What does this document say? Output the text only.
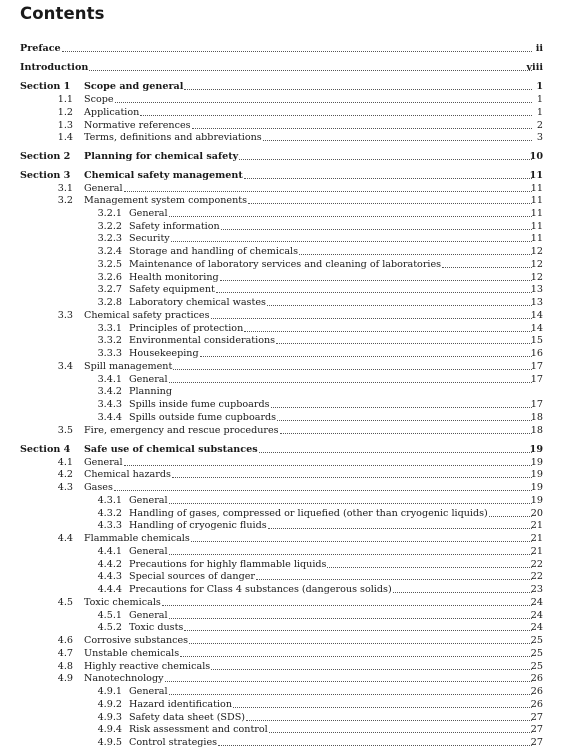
Contents
Preface	ii
Introduction	viii
Section 1 Scope and general	1
1.1 Scope	1
1.2 Application	1
1.3 Normative references	2
1.4 Terms, definitions and abbreviations	3
Section 2 Planning for chemical safety	10
Section 3 Chemical safety management	11
3.1 General	11
3.2 Management system components	11
3.2.1 General	11
3.2.2 Safety information	11
3.2.3 Security	11
3.2.4 Storage and handling of chemicals	12
3.2.5 Maintenance of laboratory services and cleaning of laboratories	12
3.2.6 Health monitoring	12
3.2.7 Safety equipment	13
3.2.8 Laboratory chemical wastes	13
3.3 Chemical safety practices	14
3.3.1 Principles of protection	14
3.3.2 Environmental considerations	15
3.3.3 Housekeeping	16
3.4 Spill management	17
3.4.1 General	17
3.4.2 Planning
3.4.3 Spills inside fume cupboards	17
3.4.4 Spills outside fume cupboards	18
3.5 Fire, emergency and rescue procedures	18
Section 4 Safe use of chemical substances	19
4.1 General	19
4.2 Chemical hazards	19
4.3 Gases	19
4.3.1 General	19
4.3.2 Handling of gases, compressed or liquefied (other than cryogenic liquids)	20
4.3.3 Handling of cryogenic fluids	21
4.4 Flammable chemicals	21
4.4.1 General	21
4.4.2 Precautions for highly flammable liquids	22
4.4.3 Special sources of danger	22
4.4.4 Precautions for Class 4 substances (dangerous solids)	23
4.5 Toxic chemicals	24
4.5.1 General	24
4.5.2 Toxic dusts	24
4.6 Corrosive substances	25
4.7 Unstable chemicals	25
4.8 Highly reactive chemicals	25
4.9 Nanotechnology	26
4.9.1 General	26
4.9.2 Hazard identification	26
4.9.3 Safety data sheet (SDS)	27
4.9.4 Risk assessment and control	27
4.9.5 Control strategies	27
